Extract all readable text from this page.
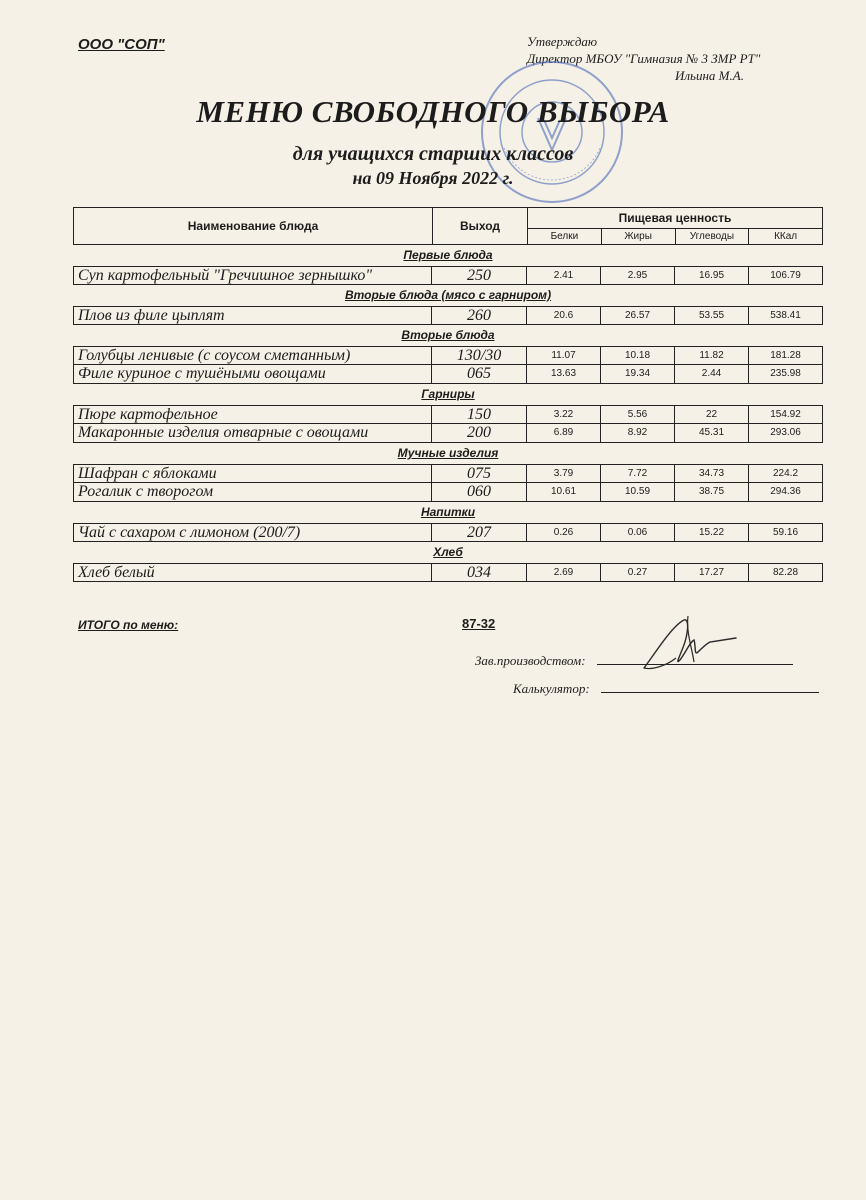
ООО "СОП"	Утверждаю
Директор МБОУ "Гимназия № 3 ЗМР РТ"
Ильина М.А.
МЕНЮ СВОБОДНОГО ВЫБОРА
для учащихся старших классов
на 09 Ноября 2022 г.
Наименование блюда	Выход
Пищевая ценность
Белки	Жиры	Углеводы	ККал
Первые блюда
Суп картофельный "Гречишное зернышко"	250	2.41	2.95	16.95	106.79
Вторые блюда (мясо с гарниром)
Плов из филе цыплят	260	20.6	26.57	53.55	538.41
Вторые блюда
Голубцы ленивые (с соусом сметанным)	130/30	11.07	10.18	11.82	181.28
Филе куриное с тушёными овощами	065	13.63	19.34	2.44	235.98
Гарниры
Пюре картофельное	150	3.22	5.56	22	154.92
Макаронные изделия отварные с овощами	200	6.89	8.92	45.31	293.06
Мучные изделия
Шафран с яблоками	075	3.79	7.72	34.73	224.2
Рогалик с творогом	060	10.61	10.59	38.75	294.36
Напитки
Чай с сахаром с лимоном (200/7)	207	0.26	0.06	15.22	59.16
Хлеб
Хлеб белый	034	2.69	0.27	17.27	82.28
ИТОГО по меню:	87-32
Зав.производством:
Калькулятор:
